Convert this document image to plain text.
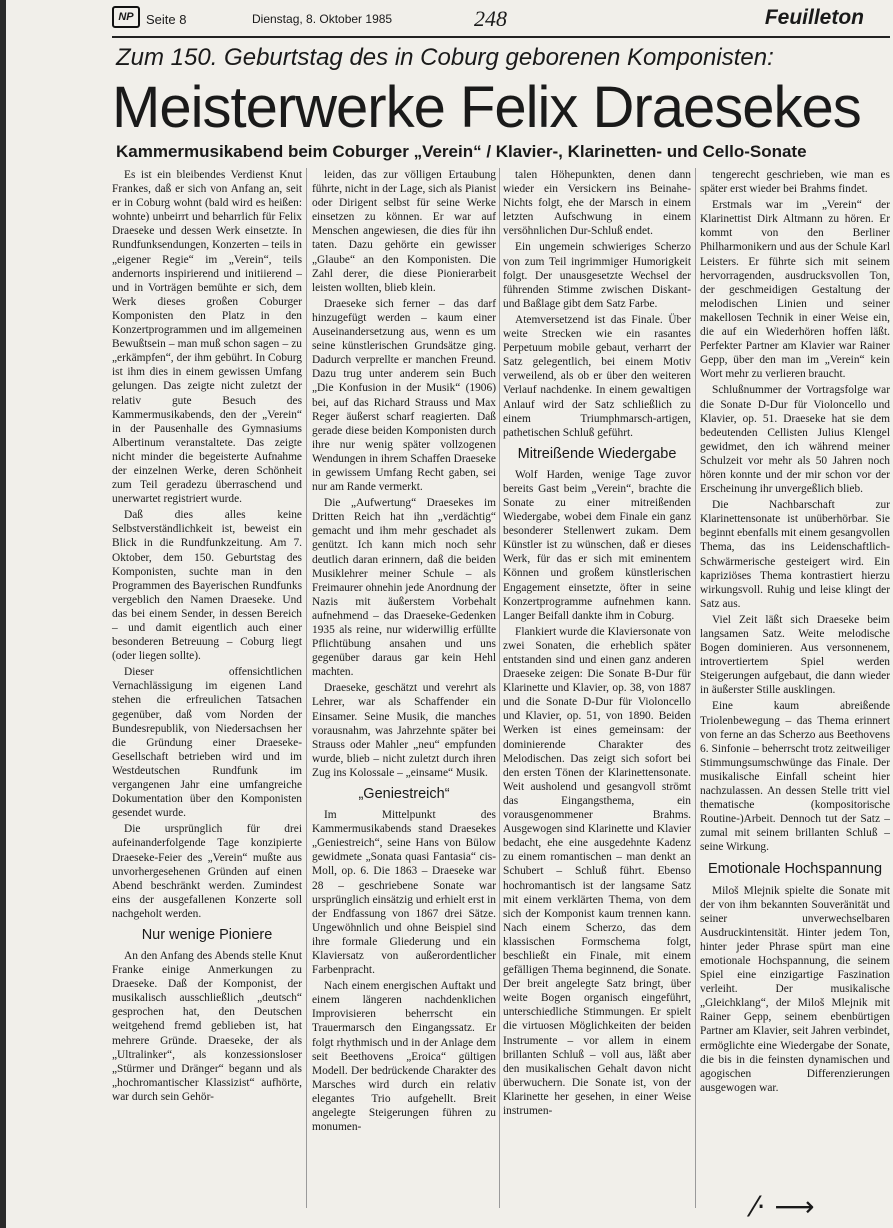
NP Seite 8	Dienstag, 8. Oktober 1985	248	Feuilleton
Zum 150. Geburtstag des in Coburg geborenen Komponisten:
Meisterwerke Felix Draesekes
Kammermusikabend beim Coburger „Verein“ / Klavier-, Klarinetten- und Cello-Sonate

Es ist ein bleibendes Verdienst Knut Frankes, daß er sich von Anfang an, seit er in Coburg wohnt (bald wird es heißen: wohnte) unbeirrt und beharrlich für Felix Draeseke und dessen Werk einsetzte. In Rundfunksendungen, Konzerten – teils in „eigener Regie“ im „Verein“, teils andernorts inspirierend und initiierend – und in Vorträgen bemühte er sich, dem Werk dieses großen Coburger Komponisten den Platz in den Konzertprogrammen und im allgemeinen Bewußtsein – man muß schon sagen – zu „erkämpfen“, der ihm gebührt. In Coburg ist ihm dies in einem gewissen Umfang gelungen. Das zeigte nicht zuletzt der relativ gute Besuch des Kammermusikabends, den der „Verein“ in der Pausenhalle des Gymnasiums Albertinum veranstaltete. Das zeigte nicht minder die begeisterte Aufnahme der einzelnen Werke, deren Schönheit zum Teil geradezu überraschend und unerwartet registriert wurde.

Daß dies alles keine Selbstverständlichkeit ist, beweist ein Blick in die Rundfunkzeitung. Am 7. Oktober, dem 150. Geburtstag des Komponisten, suchte man in den Programmen des Bayerischen Rundfunks vergeblich den Namen Draeseke. Und das bei einem Sender, in dessen Bereich – und damit eigentlich auch einer besonderen Betreuung – Coburg liegt (oder liegen sollte).

Dieser offensichtlichen Vernachlässigung im eigenen Land stehen die erfreulichen Tatsachen gegenüber, daß vom Norden der Bundesrepublik, von Niedersachsen her die Gründung einer Draeseke-Gesellschaft betrieben wird und im Westdeutschen Rundfunk im vergangenen Jahr eine umfangreiche Dokumentation über den Komponisten gesendet wurde.

Die ursprünglich für drei aufeinanderfolgende Tage konzipierte Draeseke-Feier des „Verein“ mußte aus unvorhergesehenen Gründen auf einen Abend beschränkt werden. Zumindest eins der ausgefallenen Konzerte soll nachgeholt werden.

Nur wenige Pioniere

An den Anfang des Abends stelle Knut Franke einige Anmerkungen zu Draeseke. Daß der Komponist, der musikalisch ausschließlich „deutsch“ gesprochen hat, den Deutschen weitgehend fremd geblieben ist, hat mehrere Gründe. Draeseke, der als „Ultralinker“, als konzessionsloser „Stürmer und Dränger“ begann und als „hochromantischer Klassizist“ aufhörte, war durch sein Gehör-

leiden, das zur völligen Ertaubung führte, nicht in der Lage, sich als Pianist oder Dirigent selbst für seine Werke einsetzen zu können. Er war auf Menschen angewiesen, die dies für ihn taten. Dazu gehörte ein gewisser „Glaube“ an den Komponisten. Die Zahl derer, die diese Pionierarbeit leisten wollten, blieb klein.

Draeseke sich ferner – das darf hinzugefügt werden – kaum einer Auseinandersetzung aus, wenn es um seine künstlerischen Grundsätze ging. Dadurch verprellte er manchen Freund. Dazu trug unter anderem sein Buch „Die Konfusion in der Musik“ (1906) bei, auf das Richard Strauss und Max Reger äußerst scharf reagierten. Daß gerade diese beiden Komponisten durch ihre nur wenig später vollzogenen Wendungen in ihrem Schaffen Draeseke in gewissem Umfang Recht gaben, sei nur am Rande vermerkt.

Die „Aufwertung“ Draesekes im Dritten Reich hat ihn „verdächtig“ gemacht und ihm mehr geschadet als genützt. Ich kann mich noch sehr deutlich daran erinnern, daß die beiden Musiklehrer meiner Schule – als Freimaurer ohnehin jede Anordnung der Nazis mit äußerstem Vorbehalt aufnehmend – das Draeseke-Gedenken 1935 als reine, nur widerwillig erfüllte Pflichtübung ansahen und uns gegenüber daraus gar kein Hehl machten.

Draeseke, geschätzt und verehrt als Lehrer, war als Schaffender ein Einsamer. Seine Musik, die manches vorausnahm, was Jahrzehnte später bei Strauss oder Mahler „neu“ empfunden wurde, blieb – nicht zuletzt durch ihren Zug ins Kolossale – „einsame“ Musik.

„Geniestreich“

Im Mittelpunkt des Kammermusikabends stand Draesekes „Geniestreich“, seine Hans von Bülow gewidmete „Sonata quasi Fantasia“ cis-Moll, op. 6. Die 1863 – Draeseke war 28 – geschriebene Sonate war ursprünglich einsätzig und erhielt erst in der Endfassung von 1867 drei Sätze. Ungewöhnlich und ohne Beispiel sind ihre formale Gliederung und ein Klaviersatz von außerordentlicher Farbenpracht.

Nach einem energischen Auftakt und einem längeren nachdenklichen Improvisieren beherrscht ein Trauermarsch den Eingangssatz. Er folgt rhythmisch und in der Anlage dem seit Beethovens „Eroica“ gültigen Modell. Der bedrückende Charakter des Marsches wird durch ein relativ elegantes Trio aufgehellt. Breit angelegte Steigerungen führen zu monumen-

talen Höhepunkten, denen dann wieder ein Versickern ins Beinahe-Nichts folgt, ehe der Marsch in einem letzten Aufschwung in einem versöhnlichen Dur-Schluß endet.

Ein ungemein schwieriges Scherzo von zum Teil ingrimmiger Humorigkeit folgt. Der unausgesetzte Wechsel der führenden Stimme zwischen Diskant- und Baßlage gibt dem Satz Farbe.

Atemversetzend ist das Finale. Über weite Strecken wie ein rasantes Perpetuum mobile gebaut, verharrt der Satz gelegentlich, bei einem Motiv verweilend, als ob er über den weiteren Verlauf nachdenke. In einem gewaltigen Anlauf wird der Satz schließlich zu einem Triumphmarsch-artigen, pathetischen Schluß geführt.

Mitreißende Wiedergabe

Wolf Harden, wenige Tage zuvor bereits Gast beim „Verein“, brachte die Sonate zu einer mitreißenden Wiedergabe, wobei dem Finale ein ganz besonderer Stellenwert zukam. Dem Künstler ist zu wünschen, daß er dieses Werk, für das er sich mit eminentem Können und großem künstlerischen Engagement einsetzte, öfter in seine Konzertprogramme aufnehmen kann. Langer Beifall dankte ihm in Coburg.

Flankiert wurde die Klaviersonate von zwei Sonaten, die erheblich später entstanden sind und einen ganz anderen Draeseke zeigen: Die Sonate B-Dur für Klarinette und Klavier, op. 38, von 1887 und die Sonate D-Dur für Violoncello und Klavier, op. 51, von 1890. Beiden Werken ist eines gemeinsam: der dominierende Charakter des Melodischen. Das zeigt sich sofort bei den ersten Tönen der Klarinettensonate. Weit ausholend und gesangvoll strömt das Eingangsthema, ein vorausgenommener Brahms. Ausgewogen sind Klarinette und Klavier bedacht, ehe eine ausgedehnte Kadenz zu einem romantischen – man denkt an Schubert – Schluß führt. Ebenso hochromantisch ist der langsame Satz mit einem verklärten Thema, von dem sich der Komponist kaum trennen kann. Nach einem Scherzo, das dem klassischen Formschema folgt, beschließt ein Finale, mit einem gefälligen Thema beginnend, die Sonate. Der breit angelegte Satz bringt, über weite Bogen organisch eingeführt, unterschiedliche Stimmungen. Er spielt die virtuosen Möglichkeiten der beiden Instrumente – vor allem in einem brillanten Schluß – voll aus, läßt aber den musikalischen Gehalt davon nicht überwuchern. Die Sonate ist, von der Klarinette her gesehen, in einer Weise instrumen-

tengerecht geschrieben, wie man es später erst wieder bei Brahms findet.

Erstmals war im „Verein“ der Klarinettist Dirk Altmann zu hören. Er kommt von den Berliner Philharmonikern und aus der Schule Karl Leisters. Er führte sich mit seinem hervorragenden, ausdrucksvollen Ton, der geschmeidigen Gestaltung der melodischen Linien und seiner makellosen Technik in einer Weise ein, die auf ein Wiederhören hoffen läßt. Perfekter Partner am Klavier war Rainer Gepp, über den man im „Verein“ kein Wort mehr zu verlieren braucht.

Schlußnummer der Vortragsfolge war die Sonate D-Dur für Violoncello und Klavier, op. 51. Draeseke hat sie dem bedeutenden Cellisten Julius Klengel gewidmet, den ich während meiner Schulzeit vor mehr als 50 Jahren noch hören konnte und der mir schon vor der Erscheinung ihr unvergeßlich blieb.

Die Nachbarschaft zur Klarinettensonate ist unüberhörbar. Sie beginnt ebenfalls mit einem gesangvollen Thema, das ins Leidenschaftlich-Schwärmerische gesteigert wird. Ein kapriziöses Thema kontrastiert hierzu wirkungsvoll. Ruhig und leise klingt der Satz aus.

Viel Zeit läßt sich Draeseke beim langsamen Satz. Weite melodische Bogen dominieren. Aus versonnenem, introvertiertem Spiel werden Steigerungen aufgebaut, die dann wieder in äußerster Stille ausklingen.

Eine kaum abreißende Triolenbewegung – das Thema erinnert von ferne an das Scherzo aus Beethovens 6. Sinfonie – beherrscht trotz zeitweiliger Stimmungsumschwünge das Finale. Der musikalische Einfall scheint hier nachzulassen. An dessen Stelle tritt viel thematische (kompositorische Routine-)Arbeit. Dennoch tut der Satz – zumal mit seinem brillanten Schluß – seine Wirkung.

Emotionale Hochspannung

Miloš Mlejnik spielte die Sonate mit der von ihm bekannten Souveränität und seiner unverwechselbaren Ausdruckintensität. Hinter jedem Ton, hinter jeder Phrase spürt man eine emotionale Hochspannung, die seinem Spiel eine einzigartige Faszination verleiht. Der musikalische „Gleichklang“, der Miloš Mlejnik mit Rainer Gepp, seinem ebenbürtigen Partner am Klavier, seit Jahren verbindet, ermöglichte eine Wiedergabe der Sonate, die bis in die feinsten dynamischen und agogischen Differenzierungen ausgewogen war.

⁄· ⟶
